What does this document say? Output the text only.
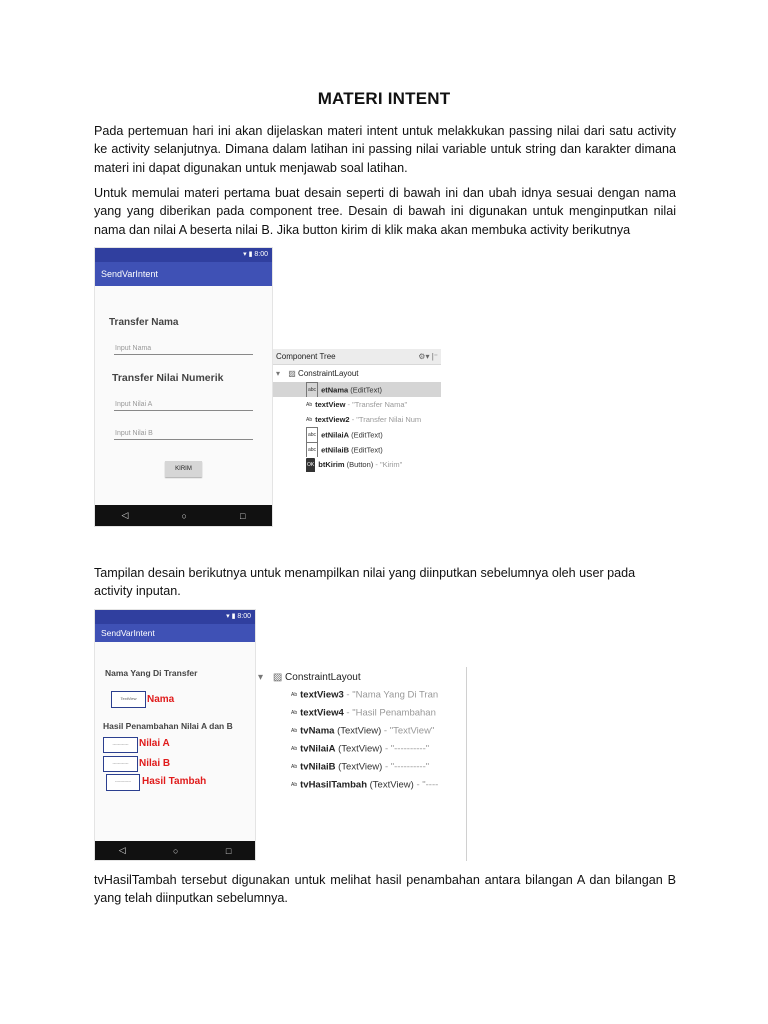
MATERI INTENT

Pada pertemuan hari ini akan dijelaskan materi intent untuk melakkukan passing nilai dari satu activity ke activity selanjutnya. Dimana dalam latihan ini passing nilai variable untuk string dan karakter dimana materi ini dapat digunakan untuk menjawab soal latihan.

Untuk memulai materi pertama buat desain seperti di bawah ini dan ubah idnya sesuai dengan nama yang yang diberikan pada component tree. Desain di bawah ini digunakan untuk menginputkan nilai nama dan nilai A beserta nilai B. Jika button kirim di klik maka akan membuka activity berikutnya

▾ ▮ 8:00
SendVarIntent
Transfer Nama
Input Nama
Transfer Nilai Numerik
Input Nilai A
Input Nilai B
KIRIM
◁	○	□
Component Tree	⚙▾ |⁻
▾ ▨ ConstraintLayout
abc etNama (EditText)
Ab textView - "Transfer Nama"
Ab textView2 - "Transfer Nilai Num
abc etNilaiA (EditText)
abc etNilaiB (EditText)
OK btKirim (Button) - "Kirim"

Tampilan desain berikutnya untuk menampilkan nilai yang diinputkan sebelumnya oleh user pada activity inputan.

▾ ▮ 8:00
SendVarIntent
Nama Yang Di Transfer
TextView	Nama
Hasil Penambahan Nilai A dan B
------------	Nilai A
------------	Nilai B
------------	Hasil Tambah
◁	○	□
▾ ▨ ConstraintLayout
Ab textView3 - "Nama Yang Di Tran
Ab textView4 - "Hasil Penambahan
Ab tvNama (TextView) - "TextView"
Ab tvNilaiA (TextView) - "----------"
Ab tvNilaiB (TextView) - "----------"
Ab tvHasilTambah (TextView) - "----

tvHasilTambah tersebut digunakan untuk melihat hasil penambahan antara bilangan A dan bilangan B yang telah diinputkan sebelumnya.
